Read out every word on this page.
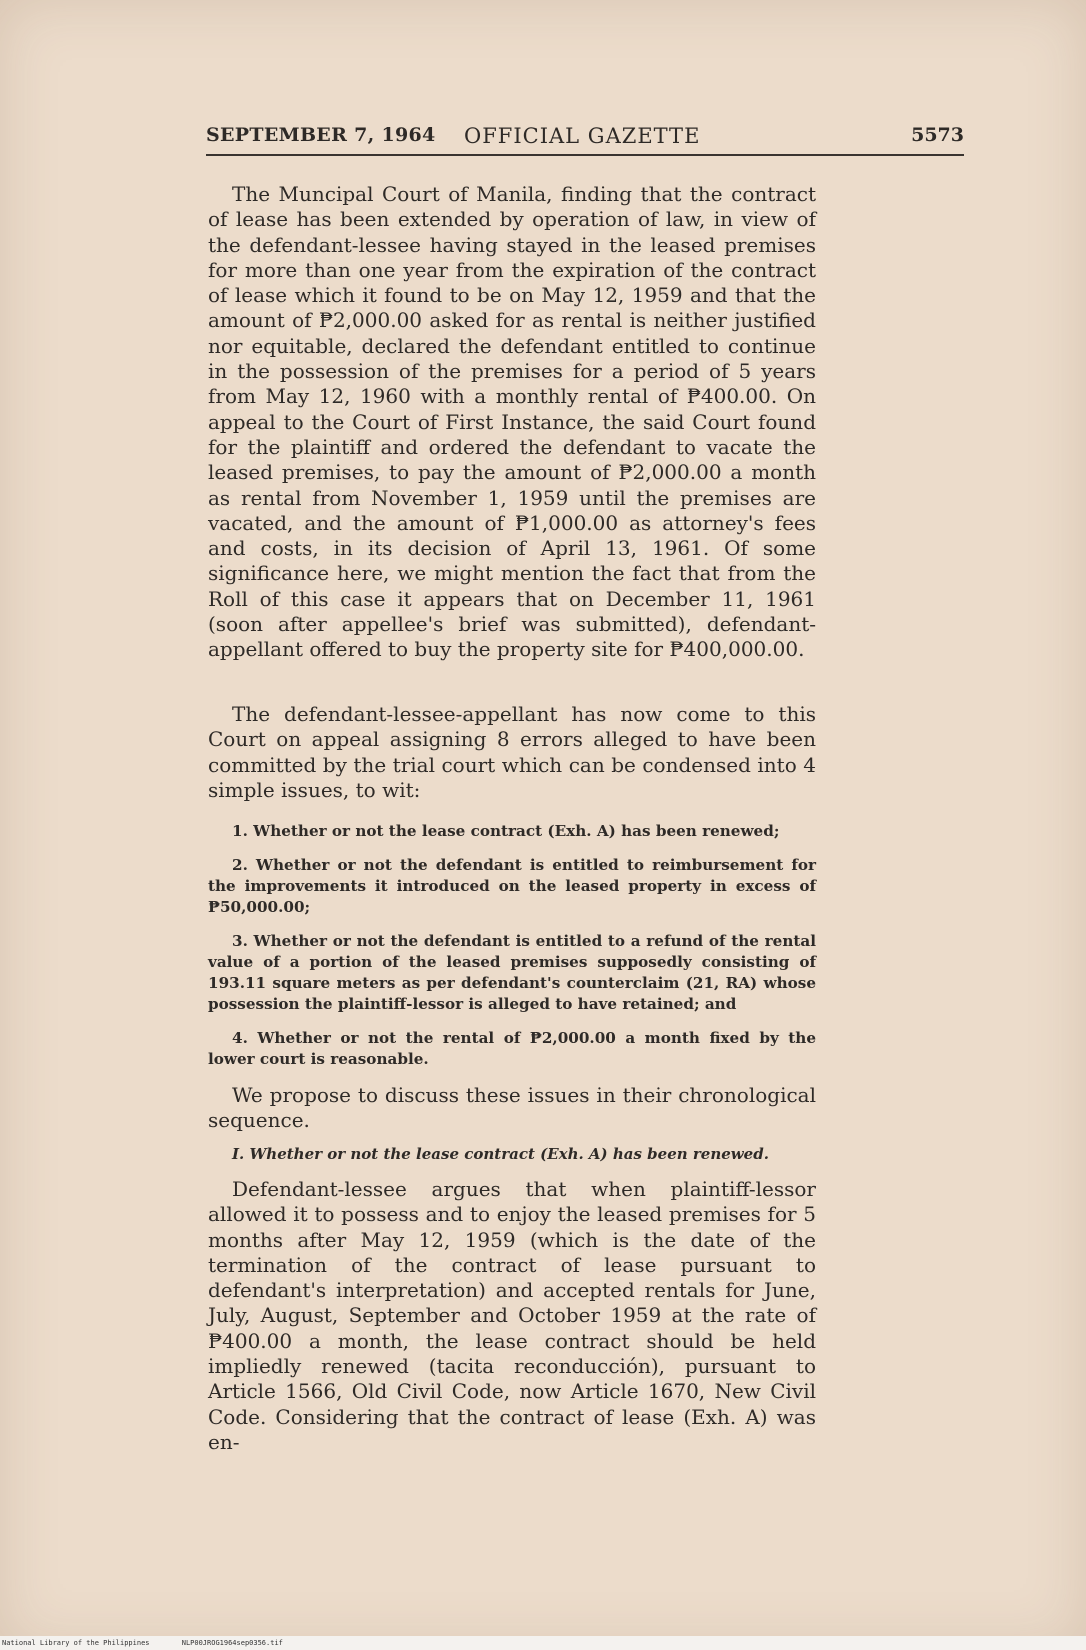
SEPTEMBER 7, 1964 OFFICIAL GAZETTE	5573

The Muncipal Court of Manila, finding that the contract of lease has been extended by operation of law, in view of the defendant-lessee having stayed in the leased premises for more than one year from the expiration of the contract of lease which it found to be on May 12, 1959 and that the amount of ₱2,000.00 asked for as rental is neither justified nor equitable, declared the defendant entitled to continue in the possession of the premises for a period of 5 years from May 12, 1960 with a monthly rental of ₱400.00. On appeal to the Court of First Instance, the said Court found for the plaintiff and ordered the defendant to vacate the leased premises, to pay the amount of ₱2,000.00 a month as rental from November 1, 1959 until the premises are vacated, and the amount of ₱1,000.00 as attorney's fees and costs, in its decision of April 13, 1961. Of some significance here, we might mention the fact that from the Roll of this case it appears that on December 11, 1961 (soon after appellee's brief was submitted), defendant-appellant offered to buy the property site for ₱400,000.00.

The defendant-lessee-appellant has now come to this Court on appeal assigning 8 errors alleged to have been committed by the trial court which can be condensed into 4 simple issues, to wit:

1. Whether or not the lease contract (Exh. A) has been renewed;

2. Whether or not the defendant is entitled to reimbursement for the improvements it introduced on the leased property in excess of ₱50,000.00;

3. Whether or not the defendant is entitled to a refund of the rental value of a portion of the leased premises supposedly consisting of 193.11 square meters as per defendant's counterclaim (21, RA) whose possession the plaintiff-lessor is alleged to have retained; and

4. Whether or not the rental of ₱2,000.00 a month fixed by the lower court is reasonable.

We propose to discuss these issues in their chronological sequence.

I. Whether or not the lease contract (Exh. A) has been renewed.

Defendant-lessee argues that when plaintiff-lessor allowed it to possess and to enjoy the leased premises for 5 months after May 12, 1959 (which is the date of the termination of the contract of lease pursuant to defendant's interpretation) and accepted rentals for June, July, August, September and October 1959 at the rate of ₱400.00 a month, the lease contract should be held impliedly renewed (tacita reconducción), pursuant to Article 1566, Old Civil Code, now Article 1670, New Civil Code. Considering that the contract of lease (Exh. A) was en-

National Library of the Philippines	NLP00JROG1964sep0356.tif
